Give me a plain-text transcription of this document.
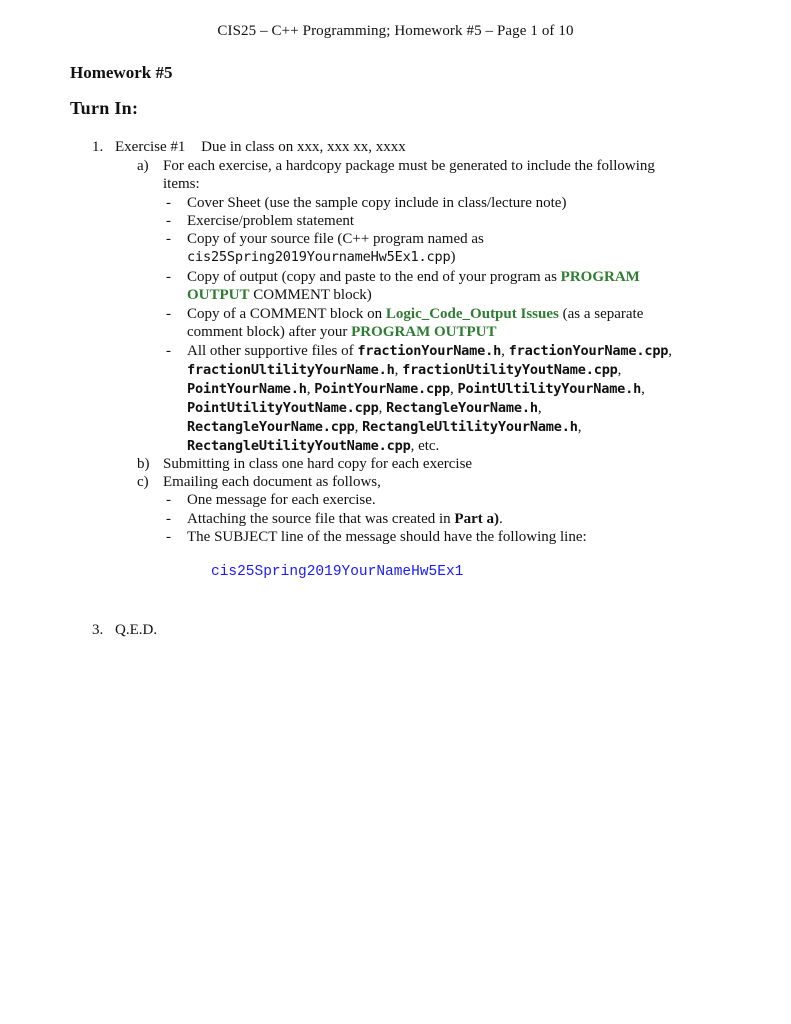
CIS25 – C++ Programming; Homework #5 – Page 1 of 10
Homework #5
Turn In:
1. Exercise #1 Due in class on xxx, xxx xx, xxxx
a) For each exercise, a hardcopy package must be generated to include the following
items:
- Cover Sheet (use the sample copy include in class/lecture note)
- Exercise/problem statement
- Copy of your source file (C++ program named as
cis25Spring2019YournameHw5Ex1.cpp)
- Copy of output (copy and paste to the end of your program as PROGRAM
OUTPUT COMMENT block)
- Copy of a COMMENT block on Logic_Code_Output Issues (as a separate
comment block) after your PROGRAM OUTPUT
- All other supportive files of fractionYourName.h, fractionYourName.cpp,
fractionUltilityYourName.h, fractionUtilityYoutName.cpp,
PointYourName.h, PointYourName.cpp, PointUltilityYourName.h,
PointUtilityYoutName.cpp, RectangleYourName.h,
RectangleYourName.cpp, RectangleUltilityYourName.h,
RectangleUtilityYoutName.cpp, etc.
b) Submitting in class one hard copy for each exercise
c) Emailing each document as follows,
- One message for each exercise.
- Attaching the source file that was created in Part a).
- The SUBJECT line of the message should have the following line:
cis25Spring2019YourNameHw5Ex1
3. Q.E.D.
